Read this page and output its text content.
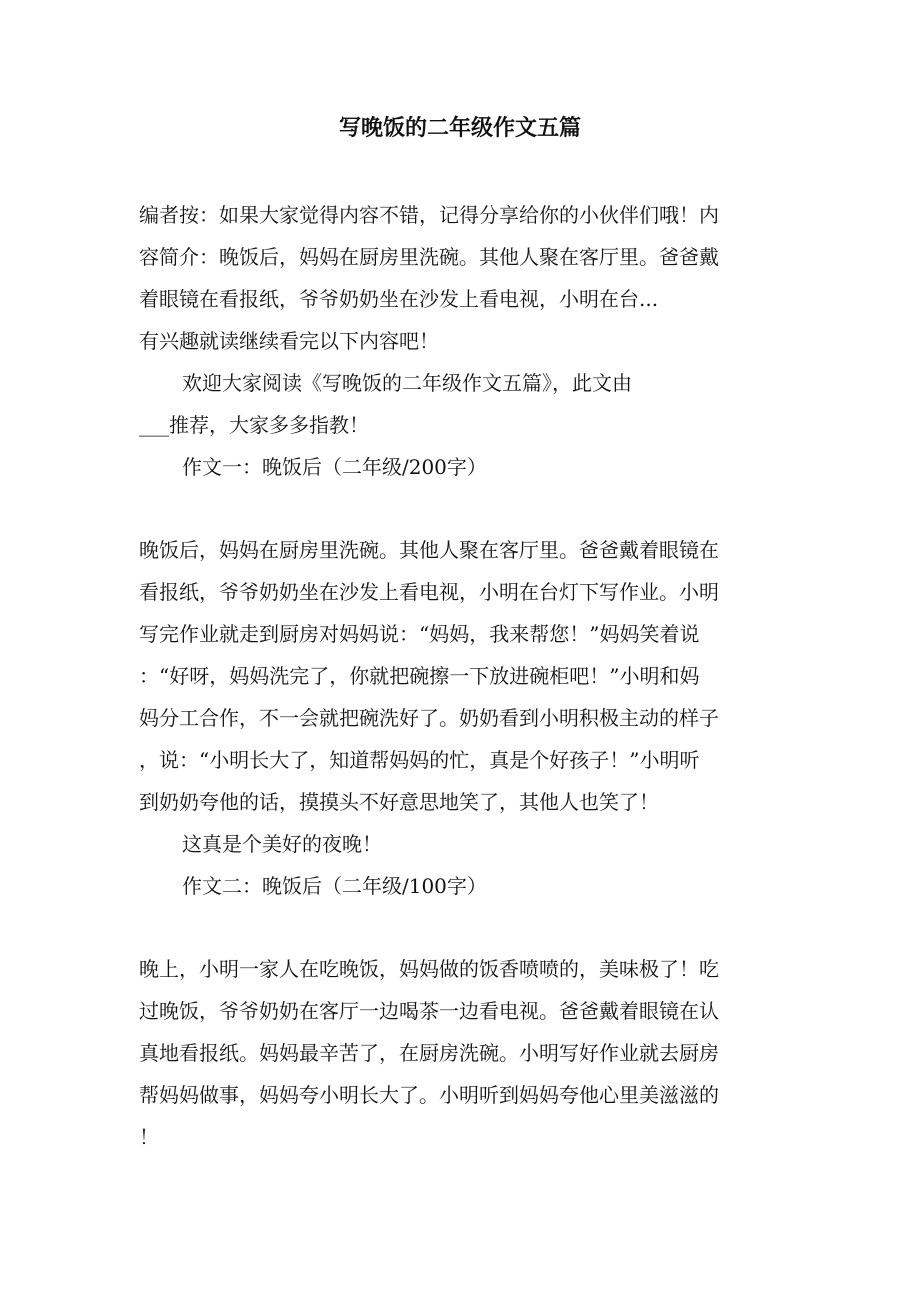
写晚饭的二年级作文五篇
编者按：如果大家觉得内容不错，记得分享给你的小伙伴们哦！内
容简介：晚饭后，妈妈在厨房里洗碗。其他人聚在客厅里。爸爸戴
着眼镜在看报纸，爷爷奶奶坐在沙发上看电视，小明在台...
有兴趣就读继续看完以下内容吧！
欢迎大家阅读《写晚饭的二年级作文五篇》，此文由
___推荐，大家多多指教！
作文一：晚饭后（二年级/200字）
晚饭后，妈妈在厨房里洗碗。其他人聚在客厅里。爸爸戴着眼镜在
看报纸，爷爷奶奶坐在沙发上看电视，小明在台灯下写作业。小明
写完作业就走到厨房对妈妈说：“妈妈，我来帮您！”妈妈笑着说
：“好呀，妈妈洗完了，你就把碗擦一下放进碗柜吧！”小明和妈
妈分工合作，不一会就把碗洗好了。奶奶看到小明积极主动的样子
，说：“小明长大了，知道帮妈妈的忙，真是个好孩子！”小明听
到奶奶夸他的话，摸摸头不好意思地笑了，其他人也笑了！
这真是个美好的夜晚！
作文二：晚饭后（二年级/100字）
晚上，小明一家人在吃晚饭，妈妈做的饭香喷喷的，美味极了！吃
过晚饭，爷爷奶奶在客厅一边喝茶一边看电视。爸爸戴着眼镜在认
真地看报纸。妈妈最辛苦了，在厨房洗碗。小明写好作业就去厨房
帮妈妈做事，妈妈夸小明长大了。小明听到妈妈夸他心里美滋滋的
！
